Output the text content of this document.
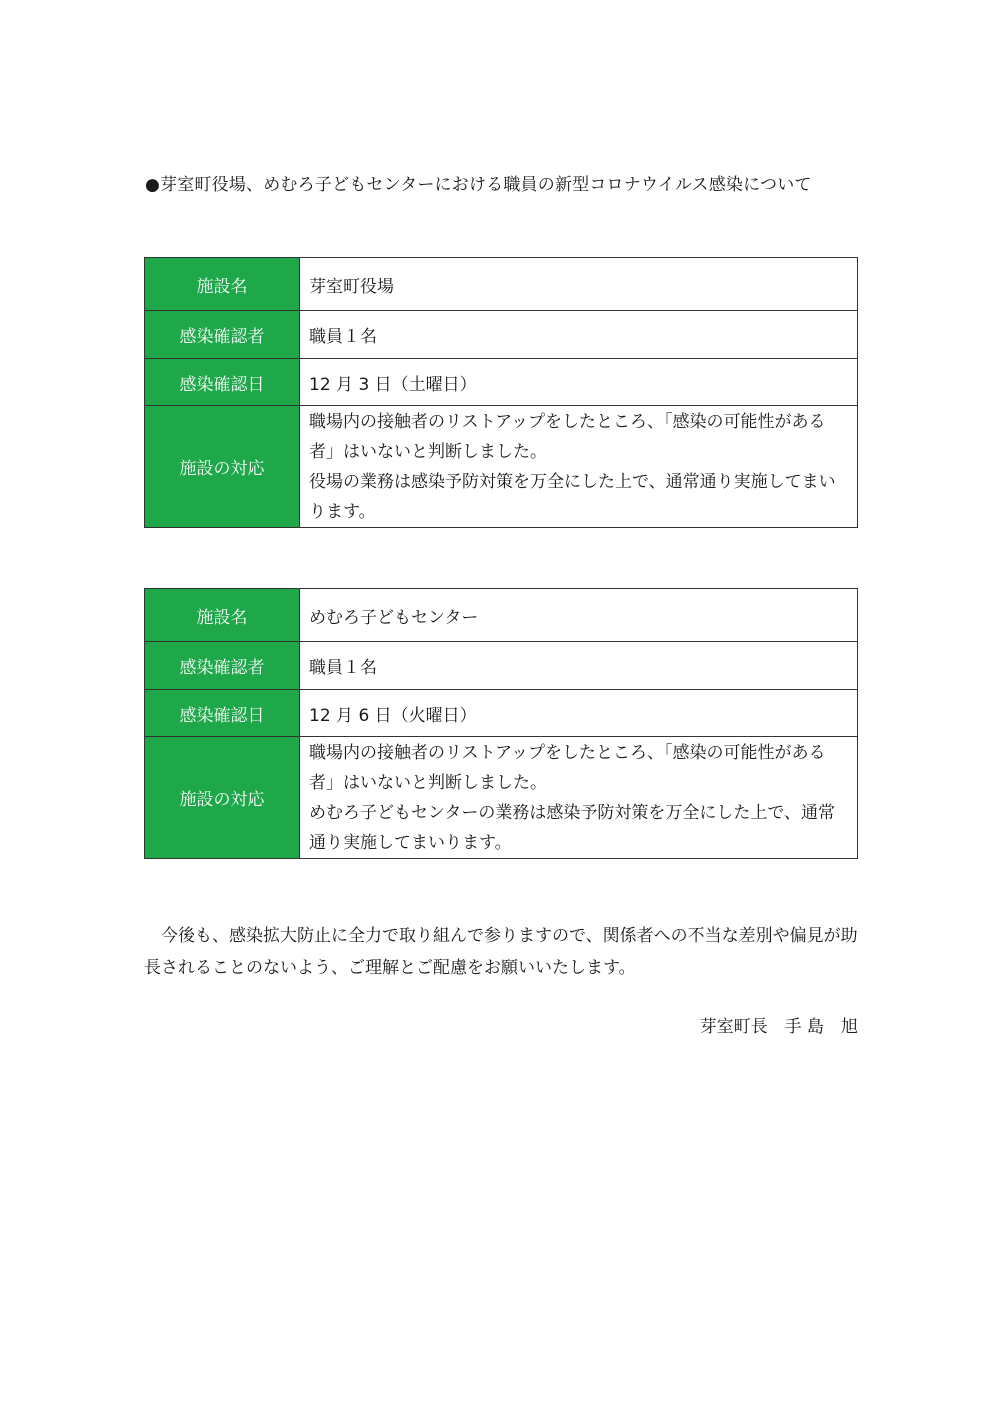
●芽室町役場、めむろ子どもセンターにおける職員の新型コロナウイルス感染について
施設名	芽室町役場
感染確認者	職員１名
感染確認日	12 月 3 日（土曜日）
施設の対応	職場内の接触者のリストアップをしたところ、「感染の可能性がある者」はいないと判断しました。
役場の業務は感染予防対策を万全にした上で、通常通り実施してまいります。
施設名	めむろ子どもセンター
感染確認者	職員１名
感染確認日	12 月 6 日（火曜日）
施設の対応	職場内の接触者のリストアップをしたところ、「感染の可能性がある者」はいないと判断しました。
めむろ子どもセンターの業務は感染予防対策を万全にした上で、通常通り実施してまいります。
今後も、感染拡大防止に全力で取り組んで参りますので、関係者への不当な差別や偏見が助長されることのないよう、ご理解とご配慮をお願いいたします。
芽室町長　手 島　旭
